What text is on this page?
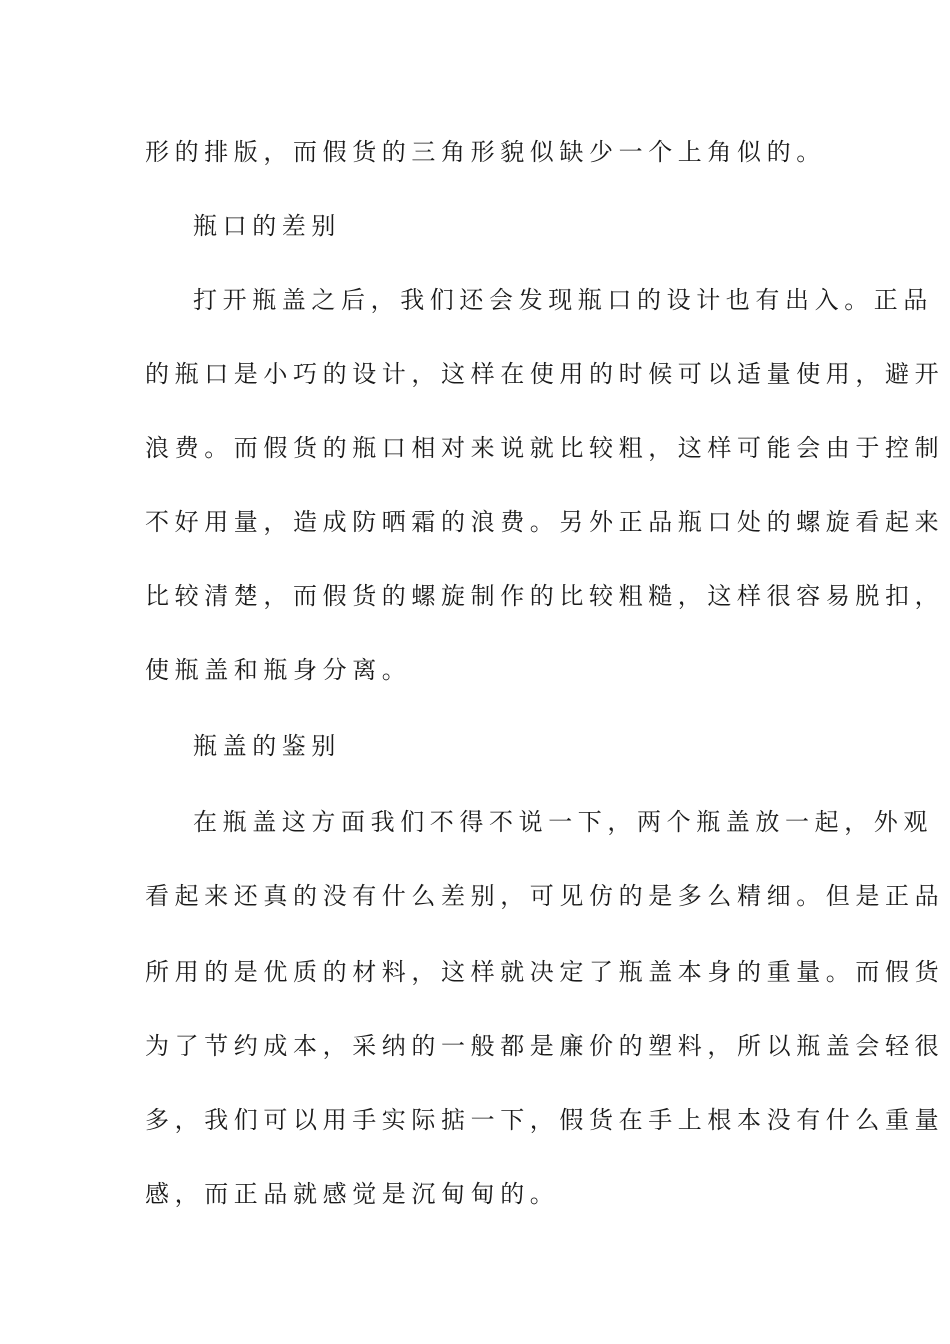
形的排版，而假货的三角形貌似缺少一个上角似的。
瓶口的差别
打开瓶盖之后，我们还会发现瓶口的设计也有出入。正品
的瓶口是小巧的设计，这样在使用的时候可以适量使用，避开
浪费。而假货的瓶口相对来说就比较粗，这样可能会由于控制
不好用量，造成防晒霜的浪费。另外正品瓶口处的螺旋看起来
比较清楚，而假货的螺旋制作的比较粗糙，这样很容易脱扣，
使瓶盖和瓶身分离。
瓶盖的鉴别
在瓶盖这方面我们不得不说一下，两个瓶盖放一起，外观
看起来还真的没有什么差别，可见仿的是多么精细。但是正品
所用的是优质的材料，这样就决定了瓶盖本身的重量。而假货
为了节约成本，采纳的一般都是廉价的塑料，所以瓶盖会轻很
多，我们可以用手实际掂一下，假货在手上根本没有什么重量
感，而正品就感觉是沉甸甸的。
